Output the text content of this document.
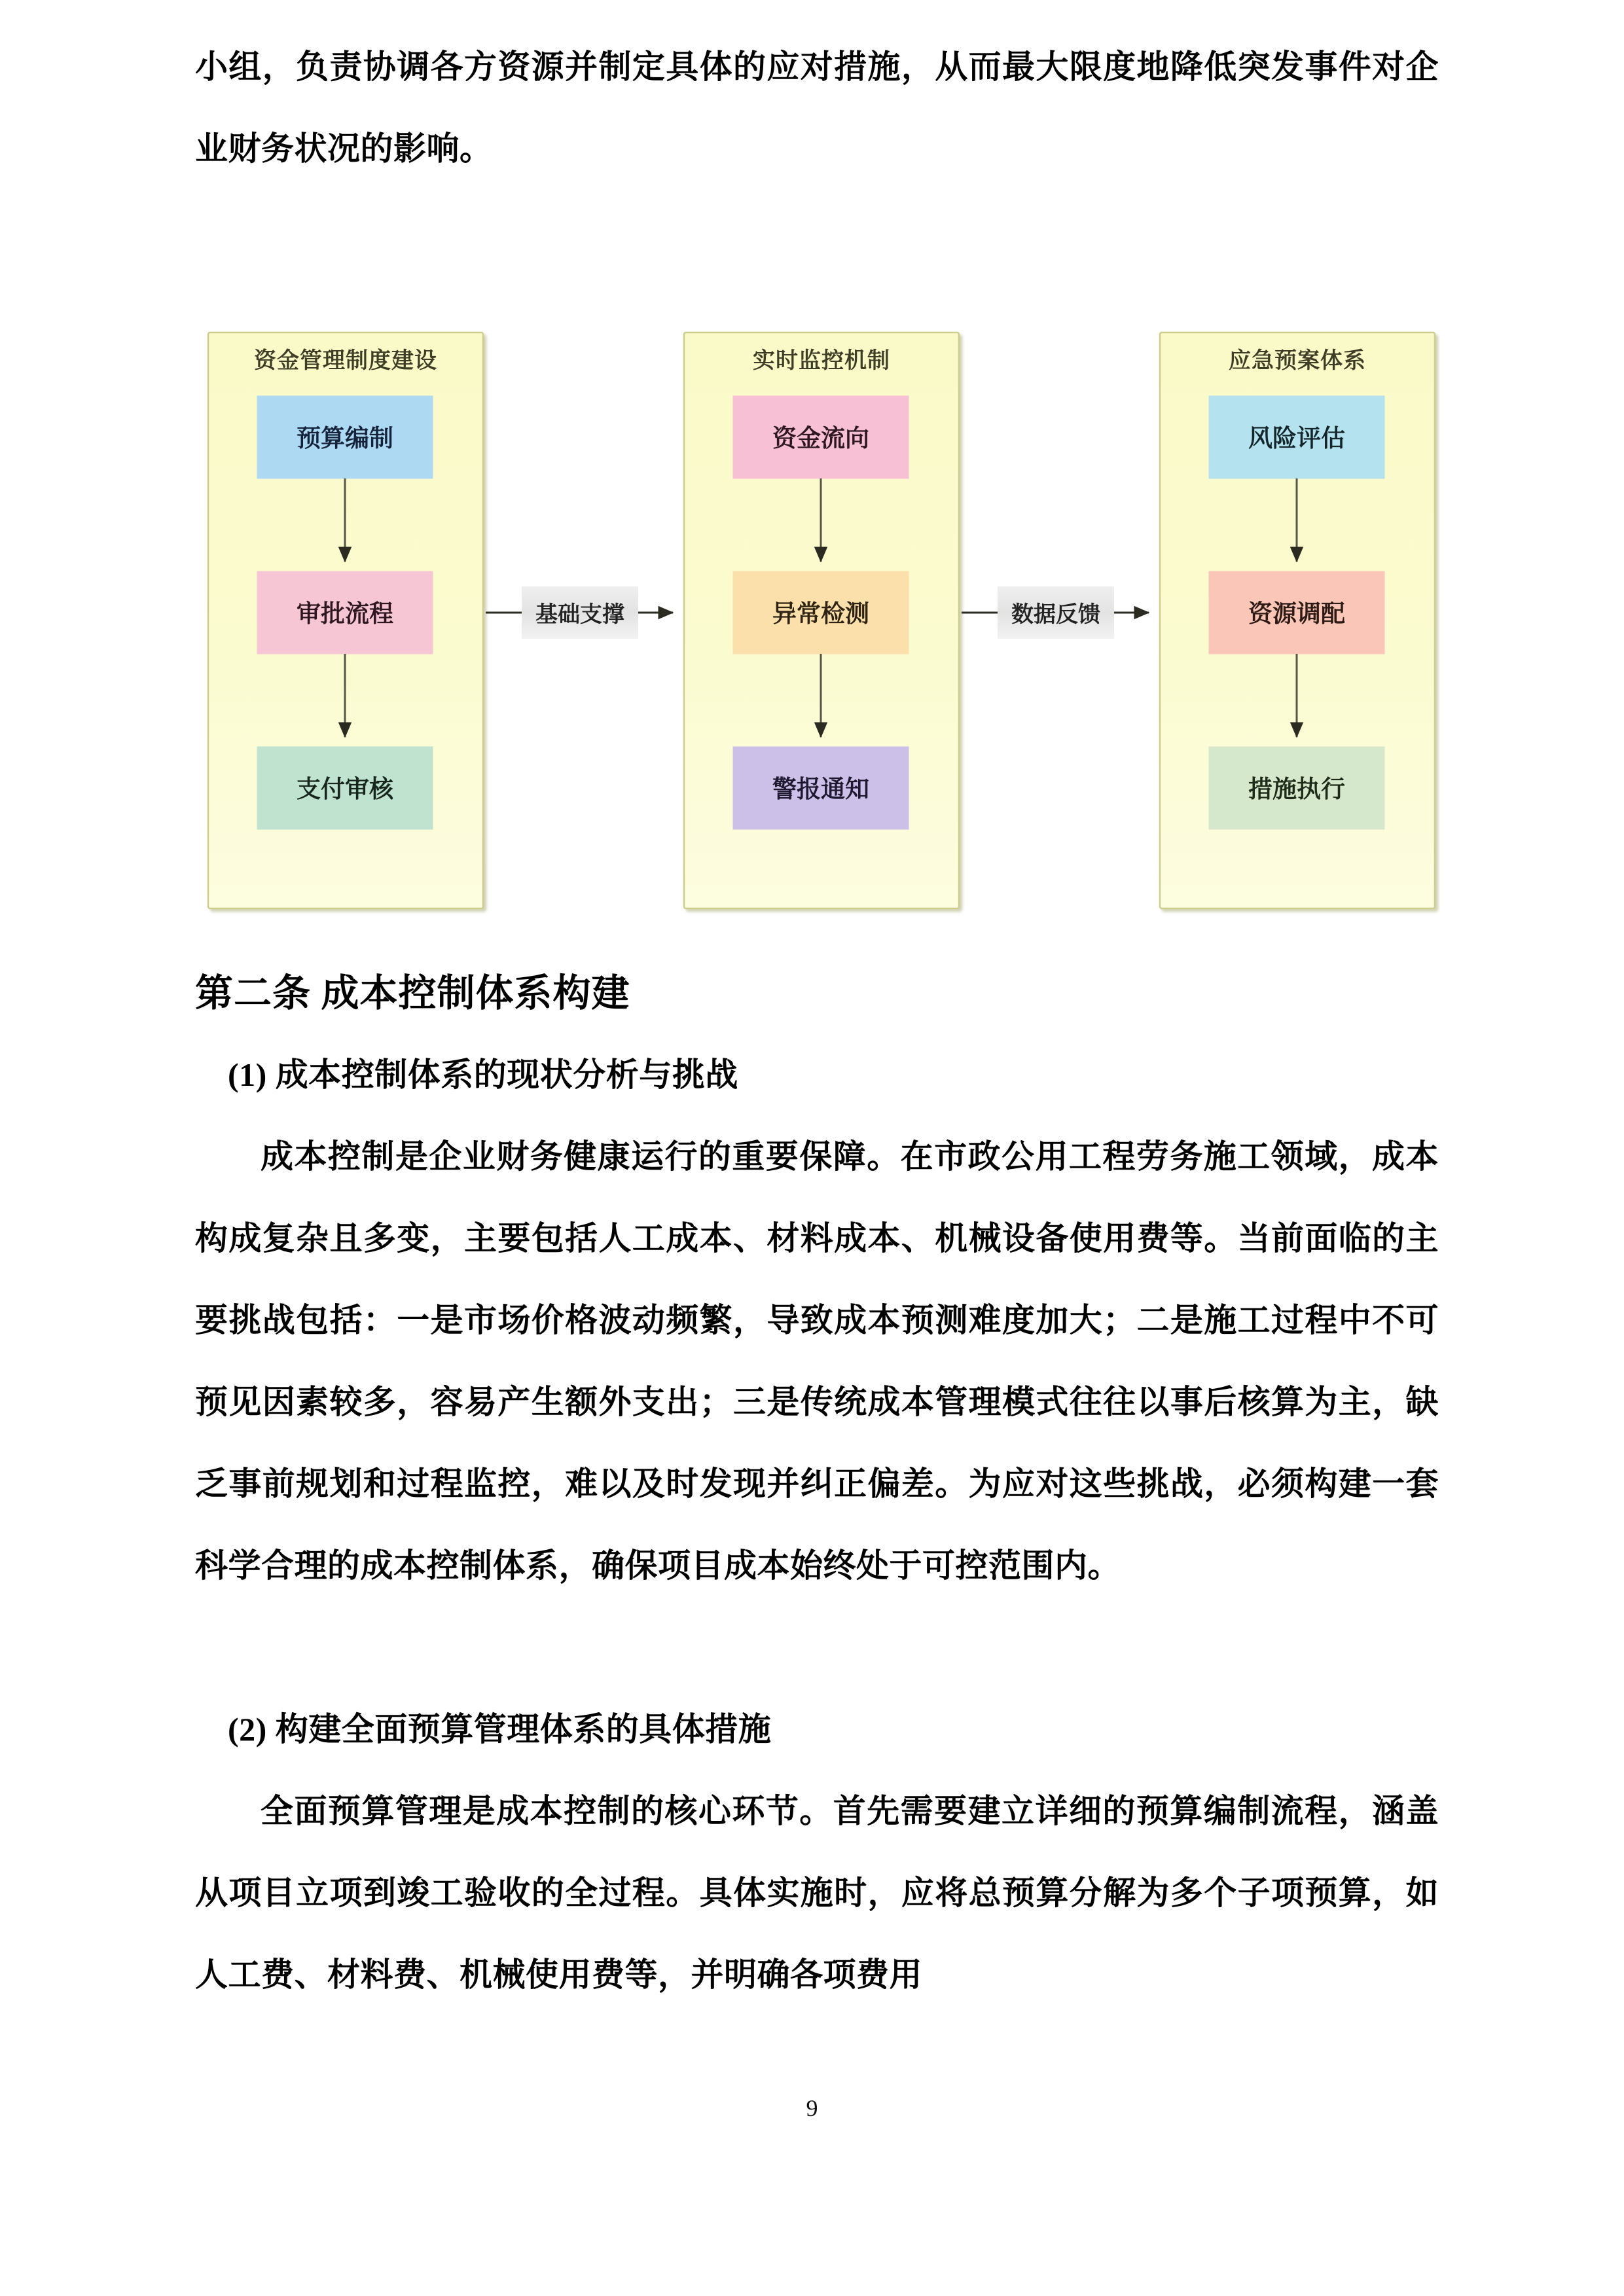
小组，负责协调各方资源并制定具体的应对措施，从而最大限度地降低突发事件对企业财务状况的影响。

资金管理制度建设
预算编制
审批流程
支付审核
基础支撑
实时监控机制
资金流向
异常检测
警报通知
数据反馈
应急预案体系
风险评估
资源调配
措施执行
第二条 成本控制体系构建

(1) 成本控制体系的现状分析与挑战

成本控制是企业财务健康运行的重要保障。在市政公用工程劳务施工领域，成本构成复杂且多变，主要包括人工成本、材料成本、机械设备使用费等。当前面临的主要挑战包括：一是市场价格波动频繁，导致成本预测难度加大；二是施工过程中不可预见因素较多，容易产生额外支出；三是传统成本管理模式往往以事后核算为主，缺乏事前规划和过程监控，难以及时发现并纠正偏差。为应对这些挑战，必须构建一套科学合理的成本控制体系，确保项目成本始终处于可控范围内。

(2) 构建全面预算管理体系的具体措施

全面预算管理是成本控制的核心环节。首先需要建立详细的预算编制流程，涵盖从项目立项到竣工验收的全过程。具体实施时，应将总预算分解为多个子项预算，如人工费、材料费、机械使用费等，并明确各项费用

9
